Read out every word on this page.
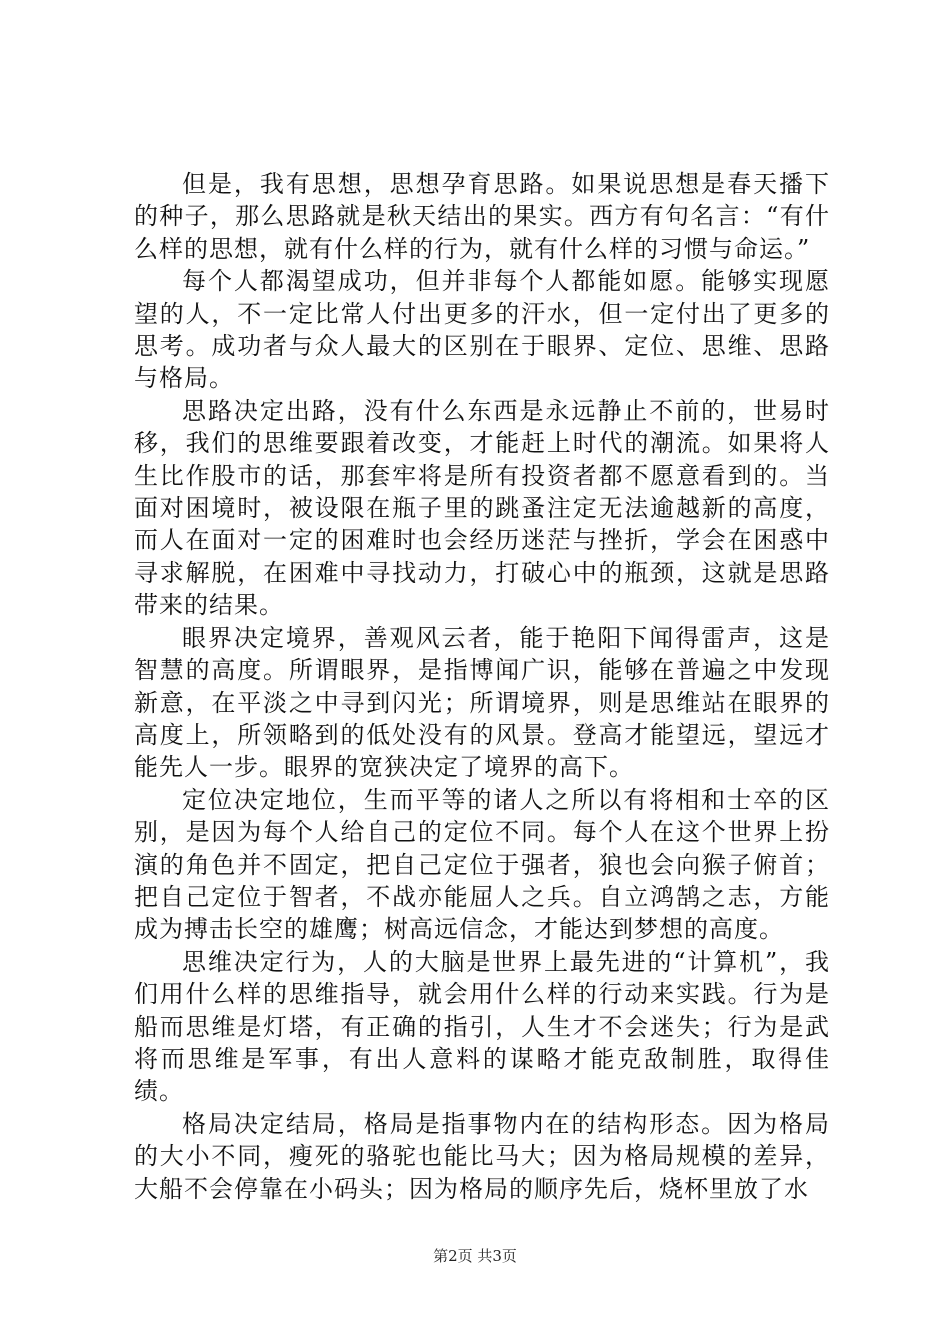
但是，我有思想，思想孕育思路。如果说思想是春天播下的种子，那么思路就是秋天结出的果实。西方有句名言：“有什么样的思想，就有什么样的行为，就有什么样的习惯与命运。”

每个人都渴望成功，但并非每个人都能如愿。能够实现愿望的人，不一定比常人付出更多的汗水，但一定付出了更多的思考。成功者与众人最大的区别在于眼界、定位、思维、思路与格局。

思路决定出路，没有什么东西是永远静止不前的，世易时移，我们的思维要跟着改变，才能赶上时代的潮流。如果将人生比作股市的话，那套牢将是所有投资者都不愿意看到的。当面对困境时，被设限在瓶子里的跳蚤注定无法逾越新的高度，而人在面对一定的困难时也会经历迷茫与挫折，学会在困惑中寻求解脱，在困难中寻找动力，打破心中的瓶颈，这就是思路带来的结果。

眼界决定境界，善观风云者，能于艳阳下闻得雷声，这是智慧的高度。所谓眼界，是指博闻广识，能够在普遍之中发现新意，在平淡之中寻到闪光；所谓境界，则是思维站在眼界的高度上，所领略到的低处没有的风景。登高才能望远，望远才能先人一步。眼界的宽狭决定了境界的高下。

定位决定地位，生而平等的诸人之所以有将相和士卒的区别，是因为每个人给自己的定位不同。每个人在这个世界上扮演的角色并不固定，把自己定位于强者，狼也会向猴子俯首；把自己定位于智者，不战亦能屈人之兵。自立鸿鹄之志，方能成为搏击长空的雄鹰；树高远信念，才能达到梦想的高度。

思维决定行为，人的大脑是世界上最先进的“计算机”，我们用什么样的思维指导，就会用什么样的行动来实践。行为是船而思维是灯塔，有正确的指引，人生才不会迷失；行为是武将而思维是军事，有出人意料的谋略才能克敌制胜，取得佳绩。

格局决定结局，格局是指事物内在的结构形态。因为格局的大小不同，瘦死的骆驼也能比马大；因为格局规模的差异，大船不会停靠在小码头；因为格局的顺序先后，烧杯里放了水

第2页 共3页
